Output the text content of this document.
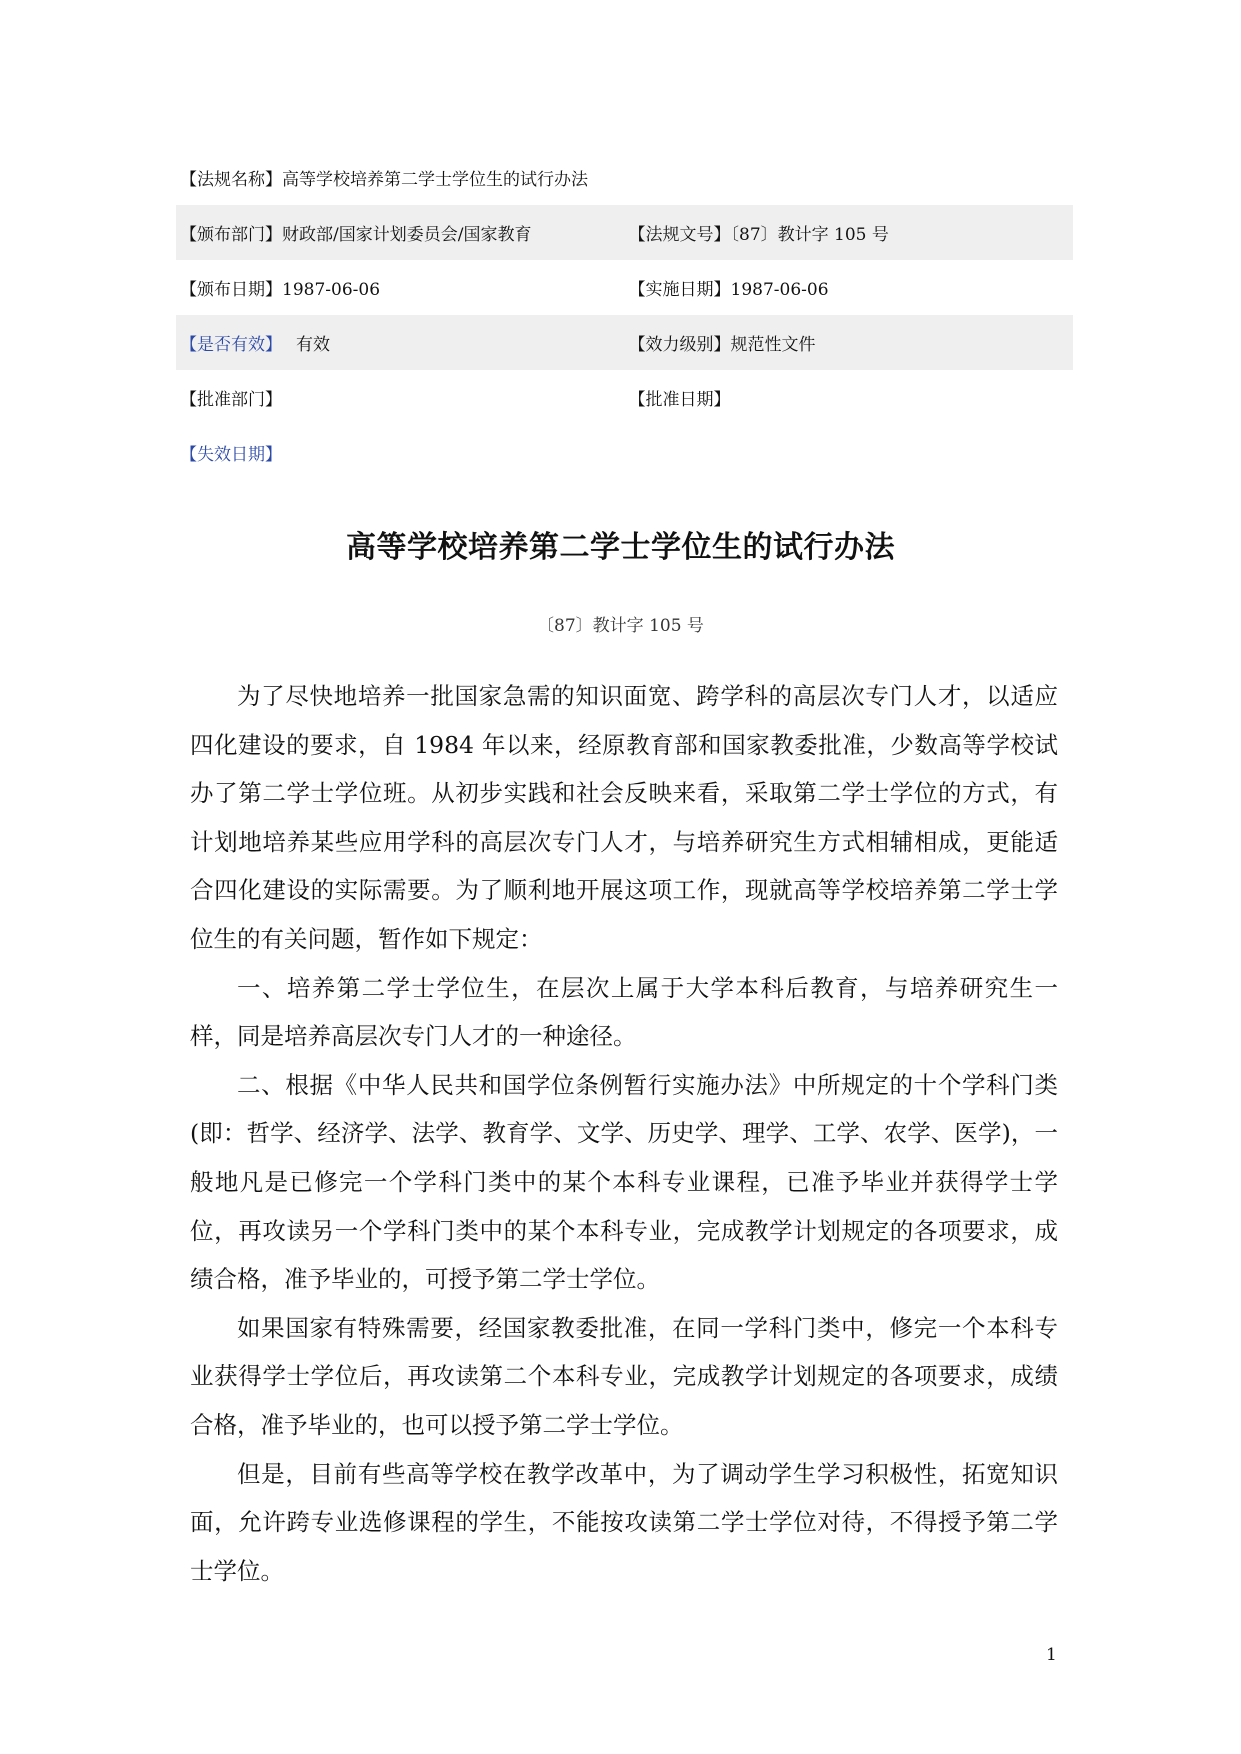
【法规名称】高等学校培养第二学士学位生的试行办法
【颁布部门】财政部/国家计划委员会/国家教育	【法规文号】〔87〕教计字 105 号
【颁布日期】1987-06-06	【实施日期】1987-06-06
【是否有效】 有效	【效力级别】规范性文件
【批准部门】	【批准日期】
【失效日期】
高等学校培养第二学士学位生的试行办法
〔87〕教计字 105 号

为了尽快地培养一批国家急需的知识面宽、跨学科的高层次专门人才，以适应四化建设的要求，自 1984 年以来，经原教育部和国家教委批准，少数高等学校试办了第二学士学位班。从初步实践和社会反映来看，采取第二学士学位的方式，有计划地培养某些应用学科的高层次专门人才，与培养研究生方式相辅相成，更能适合四化建设的实际需要。为了顺利地开展这项工作，现就高等学校培养第二学士学位生的有关问题，暂作如下规定：

一、培养第二学士学位生，在层次上属于大学本科后教育，与培养研究生一样，同是培养高层次专门人才的一种途径。

二、根据《中华人民共和国学位条例暂行实施办法》中所规定的十个学科门类(即：哲学、经济学、法学、教育学、文学、历史学、理学、工学、农学、医学)，一般地凡是已修完一个学科门类中的某个本科专业课程，已准予毕业并获得学士学位，再攻读另一个学科门类中的某个本科专业，完成教学计划规定的各项要求，成绩合格，准予毕业的，可授予第二学士学位。

如果国家有特殊需要，经国家教委批准，在同一学科门类中，修完一个本科专业获得学士学位后，再攻读第二个本科专业，完成教学计划规定的各项要求，成绩合格，准予毕业的，也可以授予第二学士学位。

但是，目前有些高等学校在教学改革中，为了调动学生学习积极性，拓宽知识面，允许跨专业选修课程的学生，不能按攻读第二学士学位对待，不得授予第二学士学位。

1
